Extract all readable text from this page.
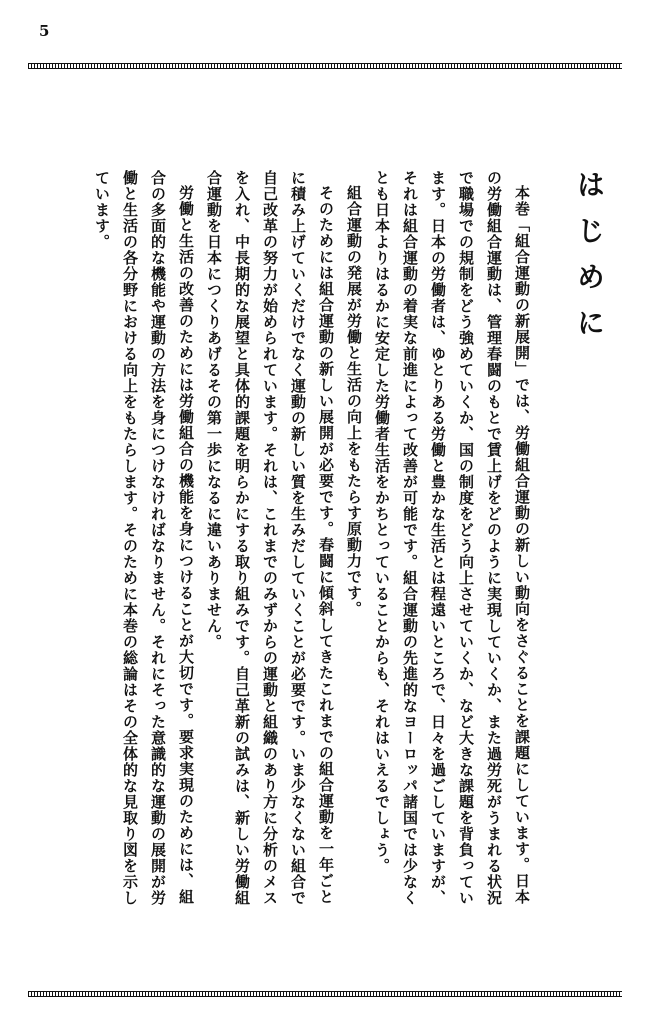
5
はじめに

本巻「組合運動の新展開」では、労働組合運動の新しい動向をさぐることを課題にしています。日本の労働組合運動は、管理春闘のもとで賃上げをどのように実現していくか、また過労死がうまれる状況で職場での規制をどう強めていくか、国の制度をどう向上させていくか、など大きな課題を背負っています。日本の労働者は、ゆとりある労働と豊かな生活とは程遠いところで、日々を過ごしていますが、それは組合運動の着実な前進によって改善が可能です。組合運動の先進的なヨーロッパ諸国では少なくとも日本よりはるかに安定した労働者生活をかちとっていることからも、それはいえるでしょう。

組合運動の発展が労働と生活の向上をもたらす原動力です。

そのためには組合運動の新しい展開が必要です。春闘に傾斜してきたこれまでの組合運動を一年ごとに積み上げていくだけでなく運動の新しい質を生みだしていくことが必要です。いま少なくない組合で自己改革の努力が始められています。それは、これまでのみずからの運動と組織のあり方に分析のメスを入れ、中長期的な展望と具体的課題を明らかにする取り組みです。自己革新の試みは、新しい労働組合運動を日本につくりあげるその第一歩になるに違いありません。

労働と生活の改善のためには労働組合の機能を身につけることが大切です。要求実現のためには、組合の多面的な機能や運動の方法を身につけなければなりません。それにそった意識的な運動の展開が労働と生活の各分野における向上をもたらします。そのために本巻の総論はその全体的な見取り図を示しています。
